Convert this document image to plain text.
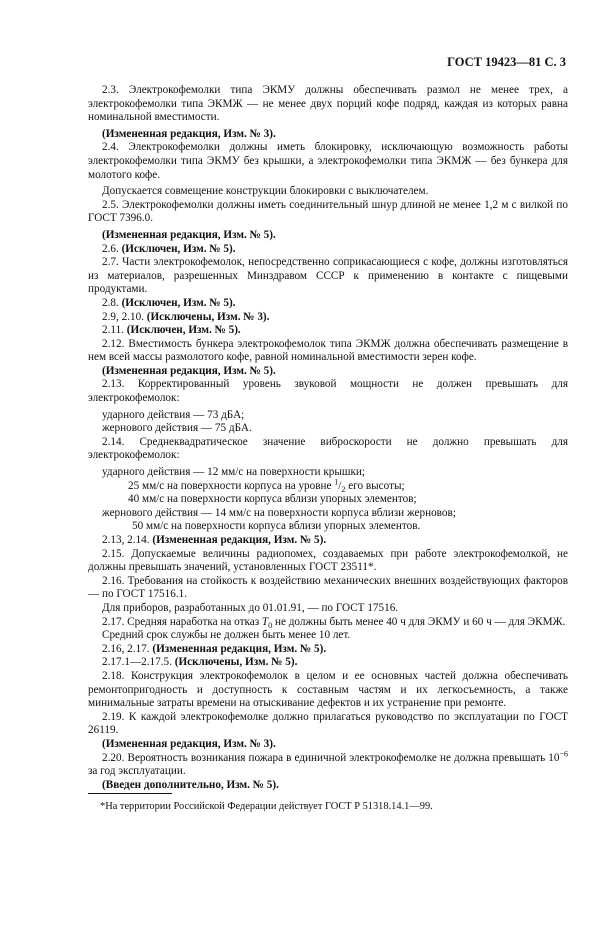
ГОСТ 19423—81 С. 3

2.3. Электрокофемолки типа ЭКМУ должны обеспечивать размол не менее трех, а электрокофемолки типа ЭКМЖ — не менее двух порций кофе подряд, каждая из которых равна номинальной вместимости.

(Измененная редакция, Изм. № 3).

2.4. Электрокофемолки должны иметь блокировку, исключающую возможность работы электрокофемолки типа ЭКМУ без крышки, а электрокофемолки типа ЭКМЖ — без бункера для молотого кофе.

Допускается совмещение конструкции блокировки с выключателем.

2.5. Электрокофемолки должны иметь соединительный шнур длиной не менее 1,2 м с вилкой по ГОСТ 7396.0.

(Измененная редакция, Изм. № 5).

2.6. (Исключен, Изм. № 5).

2.7. Части электрокофемолок, непосредственно соприкасающиеся с кофе, должны изготовляться из материалов, разрешенных Минздравом СССР к применению в контакте с пищевыми продуктами.

2.8. (Исключен, Изм. № 5).

2.9, 2.10. (Исключены, Изм. № 3).

2.11. (Исключен, Изм. № 5).

2.12. Вместимость бункера электрокофемолок типа ЭКМЖ должна обеспечивать размещение в нем всей массы размолотого кофе, равной номинальной вместимости зерен кофе.

(Измененная редакция, Изм. № 5).

2.13. Корректированный уровень звуковой мощности не должен превышать для электрокофемолок:

ударного действия — 73 дБА;

жернового действия — 75 дБА.

2.14. Среднеквадратическое значение виброскорости не должно превышать для электрокофемолок:

ударного действия — 12 мм/с на поверхности крышки;

25 мм/с на поверхности корпуса на уровне $^1/_2$ его высоты;

40 мм/с на поверхности корпуса вблизи упорных элементов;

жернового действия — 14 мм/с на поверхности корпуса вблизи жерновов;

50 мм/с на поверхности корпуса вблизи упорных элементов.

2.13, 2.14. (Измененная редакция, Изм. № 5).

2.15. Допускаемые величины радиопомех, создаваемых при работе электрокофемолкой, не должны превышать значений, установленных ГОСТ 23511*.

2.16. Требования на стойкость к воздействию механических внешних воздействующих факторов — по ГОСТ 17516.1.

Для приборов, разработанных до 01.01.91, — по ГОСТ 17516.

2.17. Средняя наработка на отказ $T_0$ не должны быть менее 40 ч для ЭКМУ и 60 ч — для ЭКМЖ.

Средний срок службы не должен быть менее 10 лет.

2.16, 2.17. (Измененная редакция, Изм. № 5).

2.17.1—2.17.5. (Исключены, Изм. № 5).

2.18. Конструкция электрокофемолок в целом и ее основных частей должна обеспечивать ремонтопригодность и доступность к составным частям и их легкосъемность, а также минимальные затраты времени на отыскивание дефектов и их устранение при ремонте.

2.19. К каждой электрокофемолке должно прилагаться руководство по эксплуатации по ГОСТ 26119.

(Измененная редакция, Изм. № 3).

2.20. Вероятность возникания пожара в единичной электрокофемолке не должна превышать $10^{-6}$ за год эксплуатации.

(Введен дополнительно, Изм. № 5).

*На территории Российской Федерации действует ГОСТ Р 51318.14.1—99.
